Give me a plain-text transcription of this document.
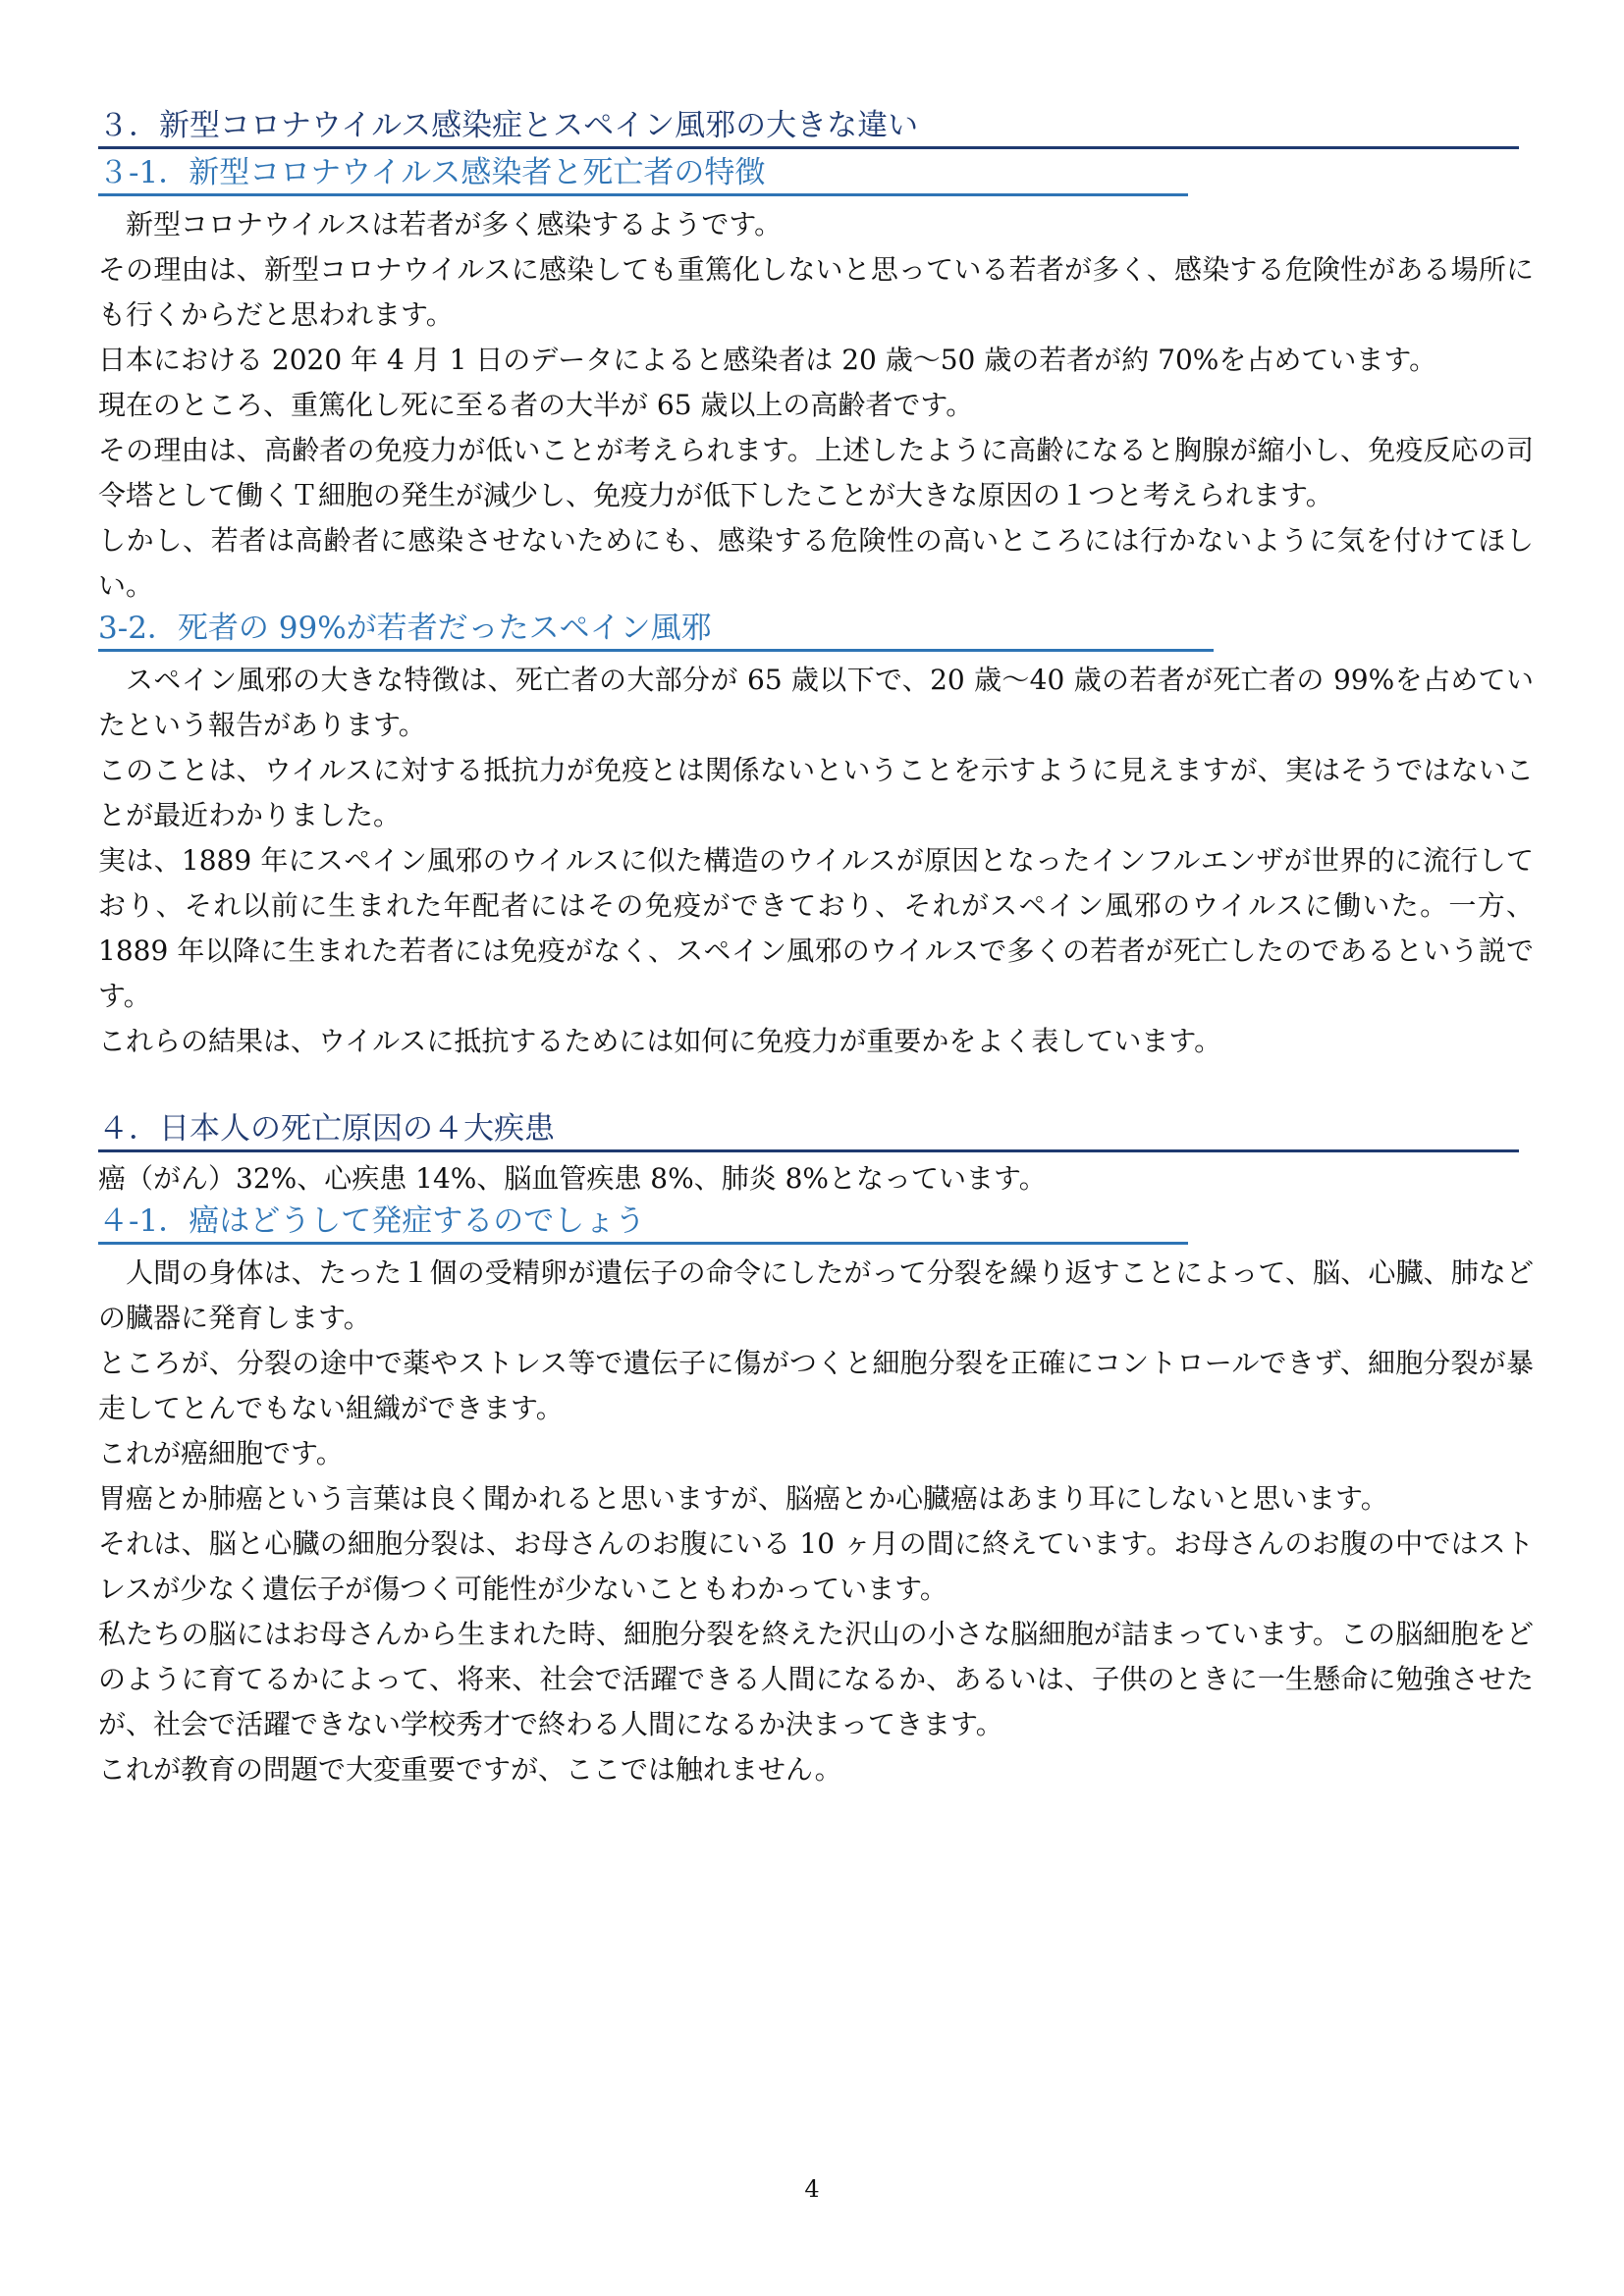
３．新型コロナウイルス感染症とスペイン風邪の大きな違い
３-1．新型コロナウイルス感染者と死亡者の特徴

新型コロナウイルスは若者が多く感染するようです。

その理由は、新型コロナウイルスに感染しても重篤化しないと思っている若者が多く、感染する危険性がある場所にも行くからだと思われます。

日本における 2020 年 4 月 1 日のデータによると感染者は 20 歳〜50 歳の若者が約 70%を占めています。

現在のところ、重篤化し死に至る者の大半が 65 歳以上の高齢者です。

その理由は、高齢者の免疫力が低いことが考えられます。上述したように高齢になると胸腺が縮小し、免疫反応の司令塔として働くＴ細胞の発生が減少し、免疫力が低下したことが大きな原因の１つと考えられます。

しかし、若者は高齢者に感染させないためにも、感染する危険性の高いところには行かないように気を付けてほしい。

3-2．死者の 99%が若者だったスペイン風邪

スペイン風邪の大きな特徴は、死亡者の大部分が 65 歳以下で、20 歳〜40 歳の若者が死亡者の 99%を占めていたという報告があります。

このことは、ウイルスに対する抵抗力が免疫とは関係ないということを示すように見えますが、実はそうではないことが最近わかりました。

実は、1889 年にスペイン風邪のウイルスに似た構造のウイルスが原因となったインフルエンザが世界的に流行しており、それ以前に生まれた年配者にはその免疫ができており、それがスペイン風邪のウイルスに働いた。一方、1889 年以降に生まれた若者には免疫がなく、スペイン風邪のウイルスで多くの若者が死亡したのであるという説です。

これらの結果は、ウイルスに抵抗するためには如何に免疫力が重要かをよく表しています。

４．日本人の死亡原因の４大疾患

癌（がん）32%、心疾患 14%、脳血管疾患 8%、肺炎 8%となっています。

４-1．癌はどうして発症するのでしょう

人間の身体は、たった１個の受精卵が遺伝子の命令にしたがって分裂を繰り返すことによって、脳、心臓、肺などの臓器に発育します。

ところが、分裂の途中で薬やストレス等で遺伝子に傷がつくと細胞分裂を正確にコントロールできず、細胞分裂が暴走してとんでもない組織ができます。

これが癌細胞です。

胃癌とか肺癌という言葉は良く聞かれると思いますが、脳癌とか心臓癌はあまり耳にしないと思います。

それは、脳と心臓の細胞分裂は、お母さんのお腹にいる 10 ヶ月の間に終えています。お母さんのお腹の中ではストレスが少なく遺伝子が傷つく可能性が少ないこともわかっています。

私たちの脳にはお母さんから生まれた時、細胞分裂を終えた沢山の小さな脳細胞が詰まっています。この脳細胞をどのように育てるかによって、将来、社会で活躍できる人間になるか、あるいは、子供のときに一生懸命に勉強させたが、社会で活躍できない学校秀才で終わる人間になるか決まってきます。

これが教育の問題で大変重要ですが、ここでは触れません。

4
